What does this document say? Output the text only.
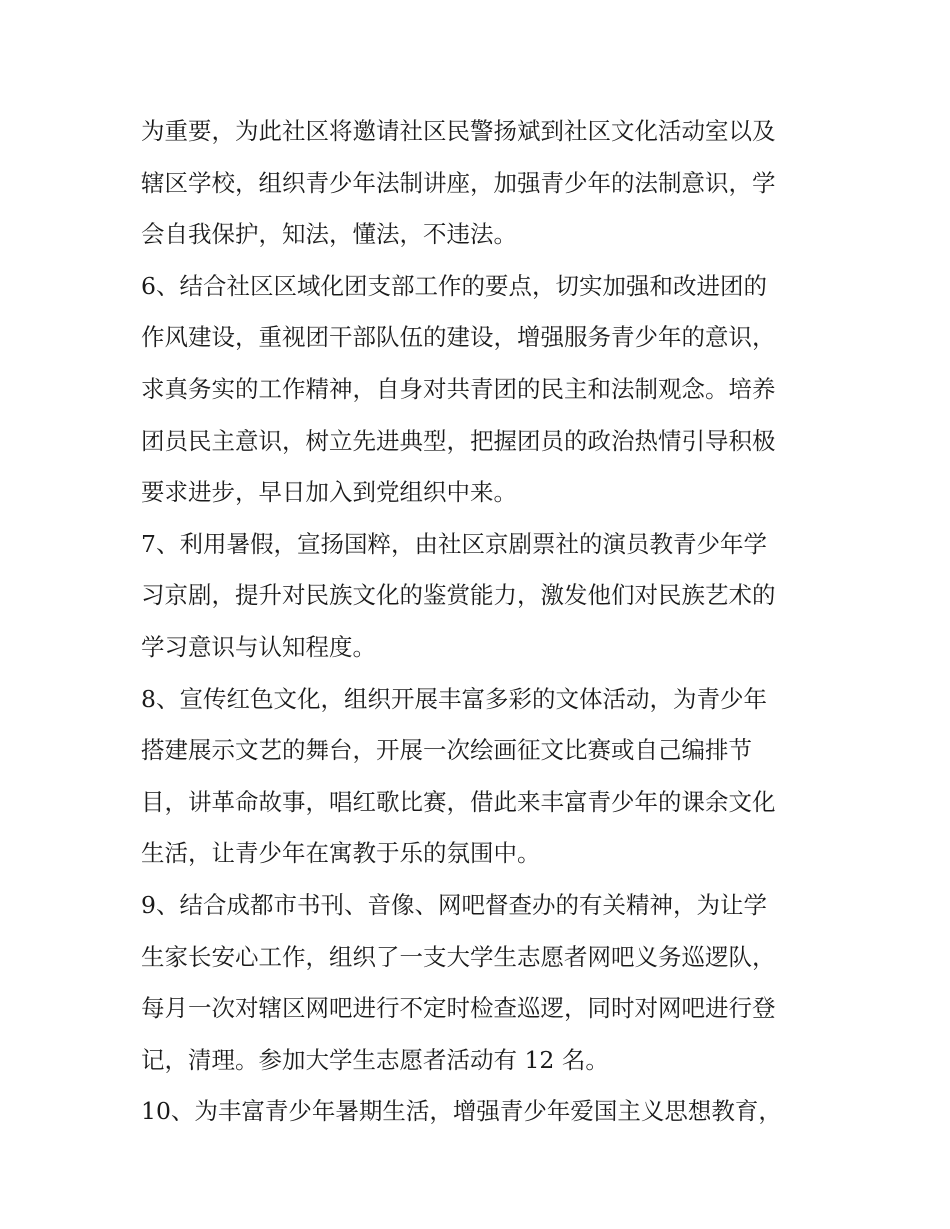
为重要，为此社区将邀请社区民警扬斌到社区文化活动室以及
辖区学校，组织青少年法制讲座，加强青少年的法制意识，学
会自我保护，知法，懂法，不违法。
6、结合社区区域化团支部工作的要点，切实加强和改进团的
作风建设，重视团干部队伍的建设，增强服务青少年的意识，
求真务实的工作精神，自身对共青团的民主和法制观念。培养
团员民主意识，树立先进典型，把握团员的政治热情引导积极
要求进步，早日加入到党组织中来。
7、利用暑假，宣扬国粹，由社区京剧票社的演员教青少年学
习京剧，提升对民族文化的鉴赏能力，激发他们对民族艺术的
学习意识与认知程度。
8、宣传红色文化，组织开展丰富多彩的文体活动，为青少年
搭建展示文艺的舞台，开展一次绘画征文比赛或自己编排节
目，讲革命故事，唱红歌比赛，借此来丰富青少年的课余文化
生活，让青少年在寓教于乐的氛围中。
9、结合成都市书刊、音像、网吧督查办的有关精神，为让学
生家长安心工作，组织了一支大学生志愿者网吧义务巡逻队，
每月一次对辖区网吧进行不定时检查巡逻，同时对网吧进行登
记，清理。参加大学生志愿者活动有 12 名。
10、为丰富青少年暑期生活，增强青少年爱国主义思想教育，
